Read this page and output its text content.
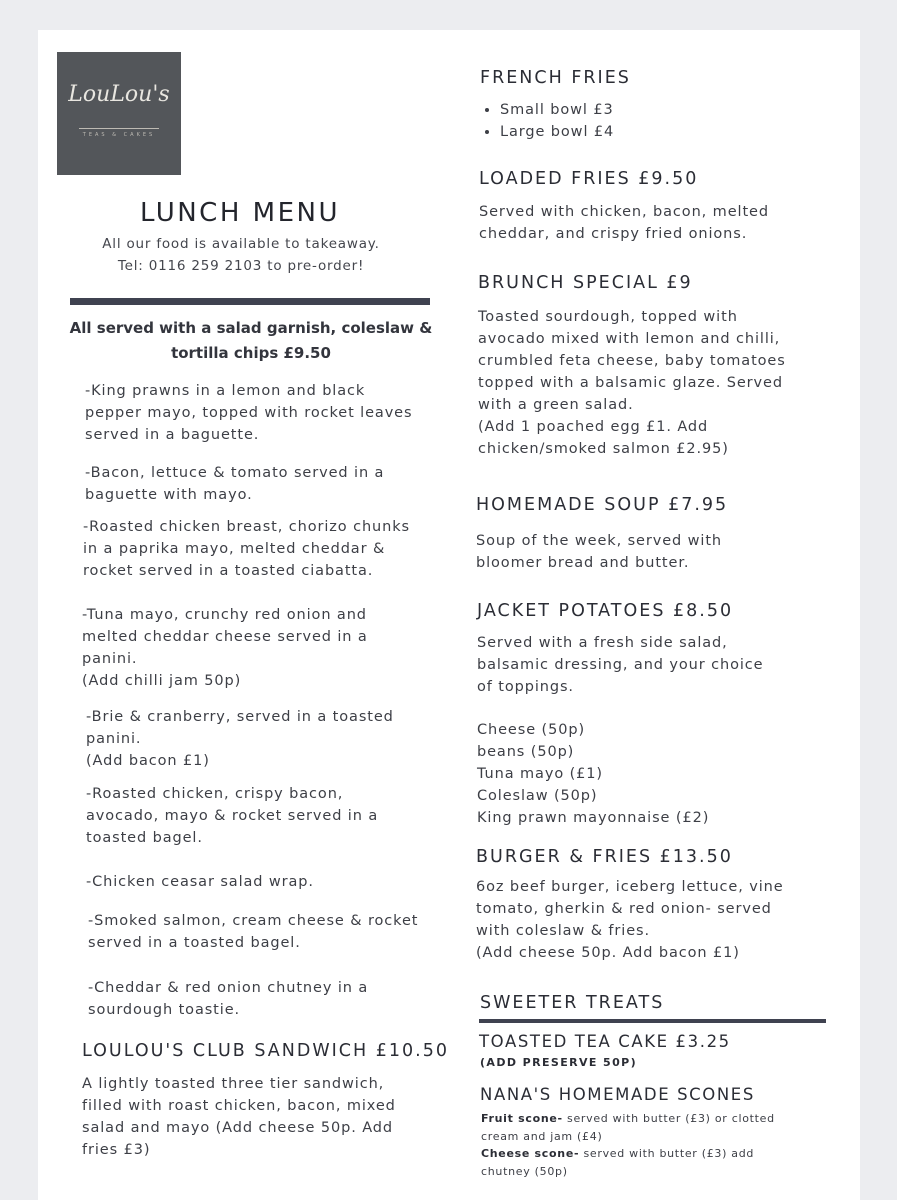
LouLou's
TEAS & CAKES
LUNCH MENU
All our food is available to takeaway.
Tel: 0116 259 2103 to pre-order!
All served with a salad garnish, coleslaw &
tortilla chips £9.50
-King prawns in a lemon and black
pepper mayo, topped with rocket leaves
served in a baguette.
-Bacon, lettuce & tomato served in a
baguette with mayo.
-Roasted chicken breast, chorizo chunks
in a paprika mayo, melted cheddar &
rocket served in a toasted ciabatta.
-Tuna mayo, crunchy red onion and
melted cheddar cheese served in a
panini.
(Add chilli jam 50p)
-Brie & cranberry, served in a toasted
panini.
(Add bacon £1)
-Roasted chicken, crispy bacon,
avocado, mayo & rocket served in a
toasted bagel.
-Chicken ceasar salad wrap.
-Smoked salmon, cream cheese & rocket
served in a toasted bagel.
-Cheddar & red onion chutney in a
sourdough toastie.
LOULOU'S CLUB SANDWICH £10.50
A lightly toasted three tier sandwich,
filled with roast chicken, bacon, mixed
salad and mayo (Add cheese 50p. Add
fries £3)
FRENCH FRIES
• Small bowl £3
• Large bowl £4
LOADED FRIES £9.50
Served with chicken, bacon, melted
cheddar, and crispy fried onions.
BRUNCH SPECIAL £9
Toasted sourdough, topped with
avocado mixed with lemon and chilli,
crumbled feta cheese, baby tomatoes
topped with a balsamic glaze. Served
with a green salad.
(Add 1 poached egg £1. Add
chicken/smoked salmon £2.95)
HOMEMADE SOUP £7.95
Soup of the week, served with
bloomer bread and butter.
JACKET POTATOES £8.50
Served with a fresh side salad,
balsamic dressing, and your choice
of toppings.
Cheese (50p)
beans (50p)
Tuna mayo (£1)
Coleslaw (50p)
King prawn mayonnaise (£2)
BURGER & FRIES £13.50
6oz beef burger, iceberg lettuce, vine
tomato, gherkin & red onion- served
with coleslaw & fries.
(Add cheese 50p. Add bacon £1)
SWEETER TREATS
TOASTED TEA CAKE £3.25
(ADD PRESERVE 50P)
NANA'S HOMEMADE SCONES
Fruit scone- served with butter (£3) or clotted
cream and jam (£4)
Cheese scone- served with butter (£3) add
chutney (50p)
